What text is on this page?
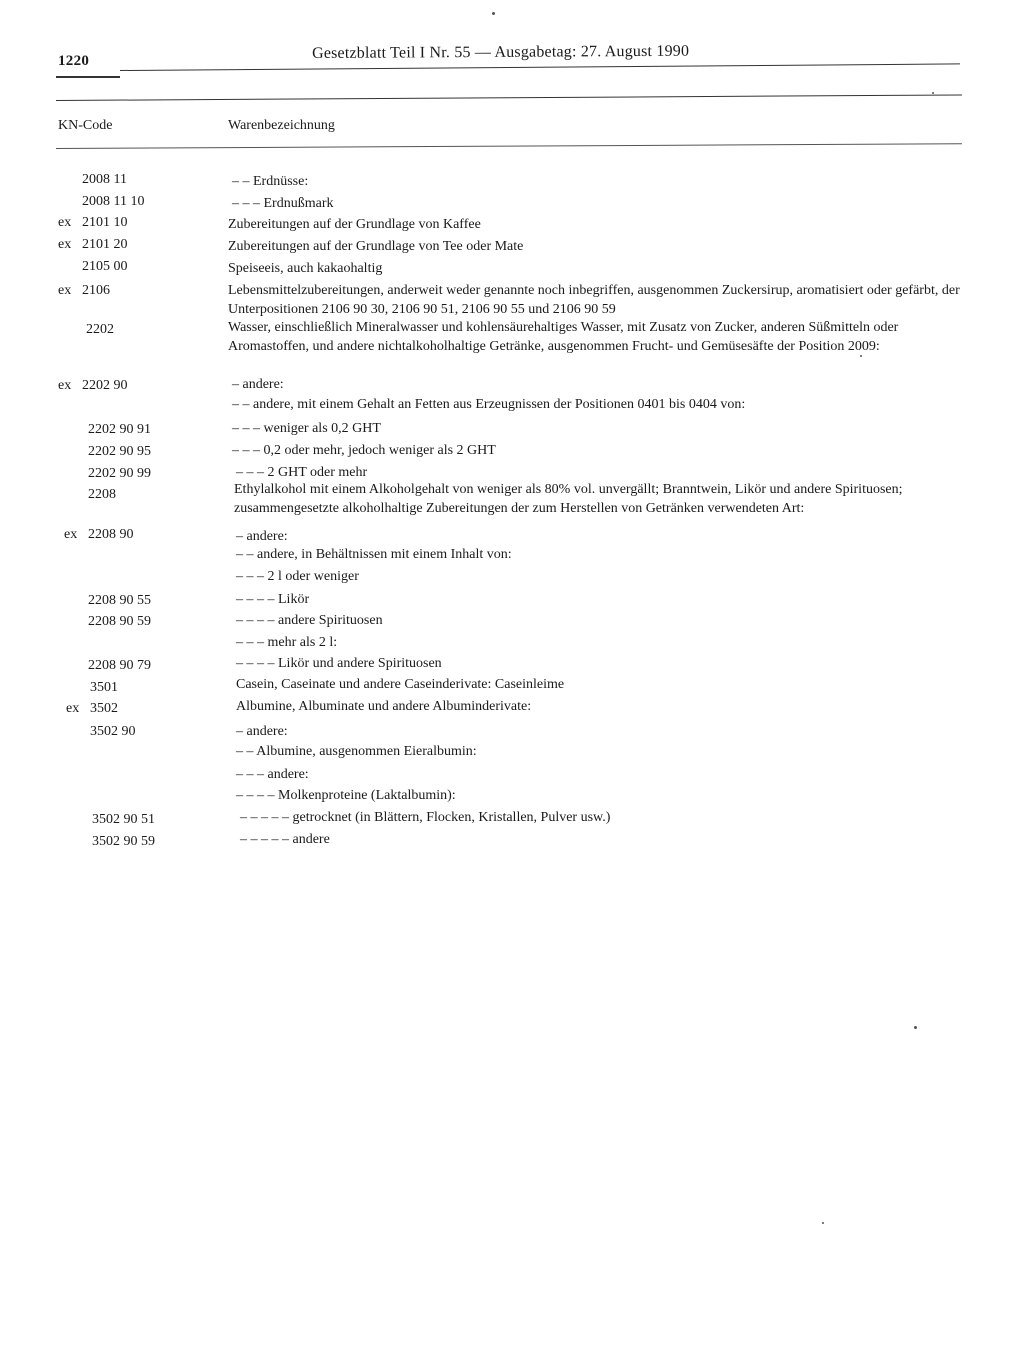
1220	Gesetzblatt Teil I Nr. 55 — Ausgabetag: 27. August 1990
KN-Code	Warenbezeichnung
2008 11	– – Erdnüsse:
2008 11 10	– – – Erdnußmark
ex 2101 10	Zubereitungen auf der Grundlage von Kaffee
ex 2101 20	Zubereitungen auf der Grundlage von Tee oder Mate
2105 00	Speiseeis, auch kakaohaltig
ex 2106	Lebensmittelzubereitungen, anderweit weder genannte noch inbegriffen, ausgenommen Zuckersirup, aromatisiert oder gefärbt, der Unterpositionen 2106 90 30, 2106 90 51, 2106 90 55 und 2106 90 59
2202	Wasser, einschließlich Mineralwasser und kohlensäurehaltiges Wasser, mit Zusatz von Zucker, anderen Süßmitteln oder Aromastoffen, und andere nichtalkoholhaltige Getränke, ausgenommen Frucht- und Gemüsesäfte der Position 2009:
ex 2202 90	– andere:
– – andere, mit einem Gehalt an Fetten aus Erzeugnissen der Positionen 0401 bis 0404 von:
2202 90 91	– – – weniger als 0,2 GHT
2202 90 95	– – – 0,2 oder mehr, jedoch weniger als 2 GHT
2202 90 99	– – – 2 GHT oder mehr
2208	Ethylalkohol mit einem Alkoholgehalt von weniger als 80% vol. unvergällt; Branntwein, Likör und andere Spirituosen; zusammengesetzte alkoholhaltige Zubereitungen der zum Herstellen von Getränken verwendeten Art:
ex 2208 90	– andere:
– – andere, in Behältnissen mit einem Inhalt von:
– – – 2 l oder weniger
2208 90 55	– – – – Likör
2208 90 59	– – – – andere Spirituosen
– – – mehr als 2 l:
2208 90 79	– – – – Likör und andere Spirituosen
3501	Casein, Caseinate und andere Caseinderivate: Caseinleime
ex 3502	Albumine, Albuminate und andere Albuminderivate:
3502 90	– andere:
– – Albumine, ausgenommen Eieralbumin:
– – – andere:
– – – – Molkenproteine (Laktalbumin):
3502 90 51	– – – – – getrocknet (in Blättern, Flocken, Kristallen, Pulver usw.)
3502 90 59	– – – – – andere
